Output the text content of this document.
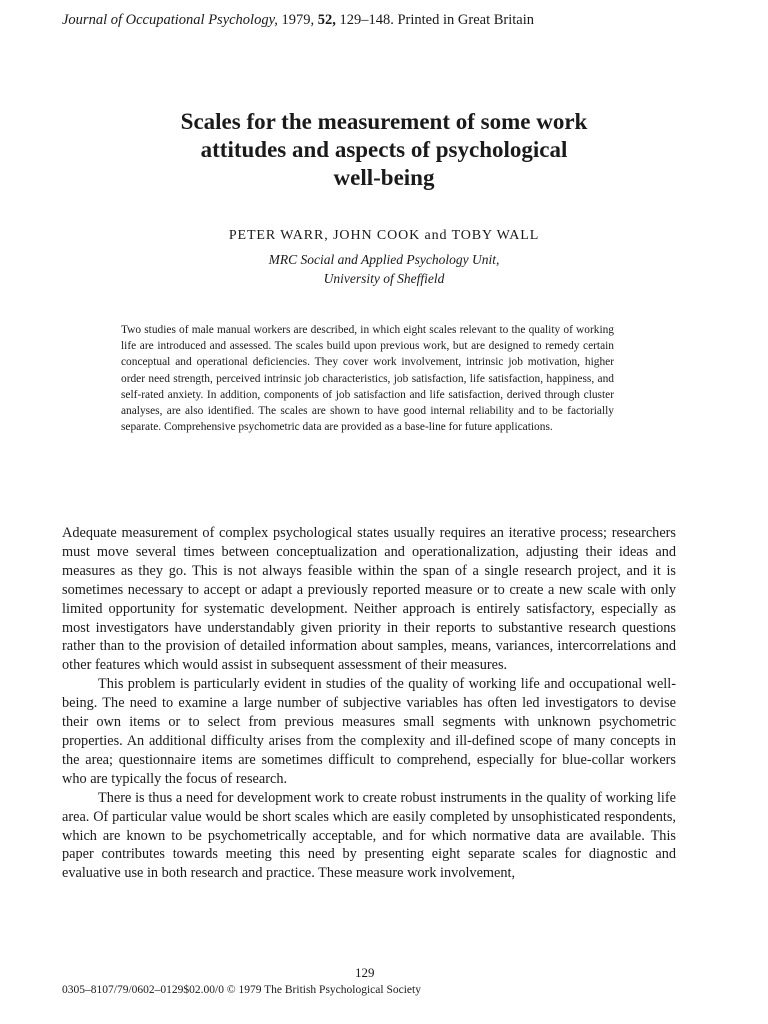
Journal of Occupational Psychology, 1979, 52, 129–148. Printed in Great Britain
Scales for the measurement of some work
attitudes and aspects of psychological
well-being
PETER WARR, JOHN COOK and TOBY WALL
MRC Social and Applied Psychology Unit,
University of Sheffield
Two studies of male manual workers are described, in which eight scales relevant to the quality of working life are introduced and assessed. The scales build upon previous work, but are designed to remedy certain conceptual and operational deficiencies. They cover work involvement, intrinsic job motivation, higher order need strength, perceived intrinsic job characteristics, job satisfaction, life satisfaction, happiness, and self-rated anxiety. In addition, components of job satisfaction and life satisfaction, derived through cluster analyses, are also identified. The scales are shown to have good internal reliability and to be factorially separate. Comprehensive psychometric data are provided as a base-line for future applications.

Adequate measurement of complex psychological states usually requires an iterative process; researchers must move several times between conceptualization and operationalization, adjusting their ideas and measures as they go. This is not always feasible within the span of a single research project, and it is sometimes necessary to accept or adapt a previously reported measure or to create a new scale with only limited opportunity for systematic development. Neither approach is entirely satisfactory, especially as most investigators have understandably given priority in their reports to substantive research questions rather than to the provision of detailed information about samples, means, variances, intercorrelations and other features which would assist in subsequent assessment of their measures.

This problem is particularly evident in studies of the quality of working life and occupational well-being. The need to examine a large number of subjective variables has often led investigators to devise their own items or to select from previous measures small segments with unknown psychometric properties. An additional difficulty arises from the complexity and ill-defined scope of many concepts in the area; questionnaire items are sometimes difficult to comprehend, especially for blue-collar workers who are typically the focus of research.

There is thus a need for development work to create robust instruments in the quality of working life area. Of particular value would be short scales which are easily completed by unsophisticated respondents, which are known to be psychometrically acceptable, and for which normative data are available. This paper contributes towards meeting this need by presenting eight separate scales for diagnostic and evaluative use in both research and practice. These measure work involvement,

129
0305–8107/79/0602–0129$02.00/0 © 1979 The British Psychological Society
